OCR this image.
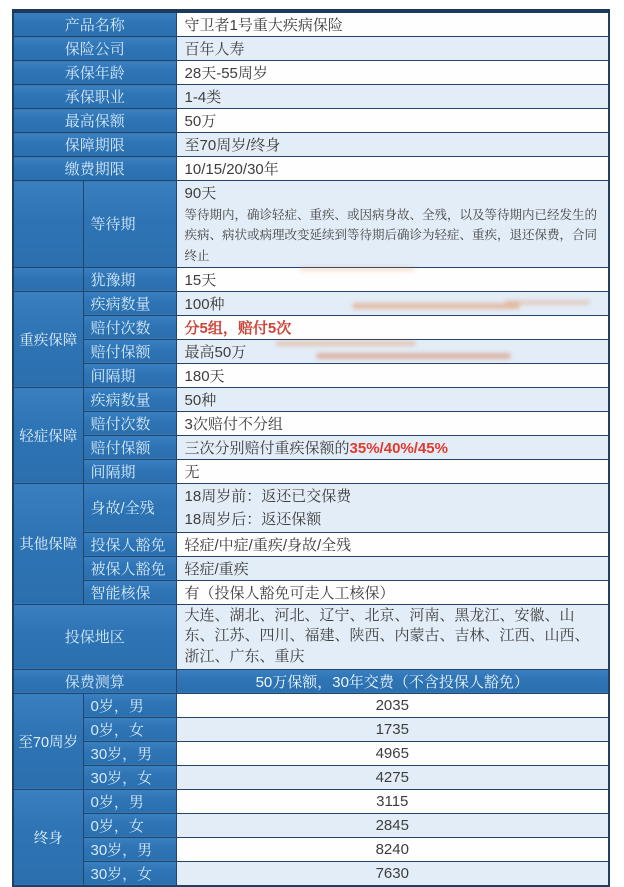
产品名称		守卫者1号重大疾病保险
保险公司		百年人寿
承保年龄		28天-55周岁
承保职业		1-4类
最高保额		50万
保障期限		至70周岁/终身
缴费期限		10/15/20/30年
	等待期	90天
等待期内，确诊轻症、重疾、或因病身故、全残，以及等待期内已经发生的疾病、病状或病理改变延续到等待期后确诊为轻症、重疾，退还保费，合同终止

	犹豫期	15天
重疾保障	疾病数量	100种
	赔付次数	分5组，赔付5次
	赔付保额	最高50万
	间隔期	180天
轻症保障	疾病数量	50种
	赔付次数	3次赔付不分组
	赔付保额	三次分别赔付重疾保额的35%/40%/45%
	间隔期	无
其他保障	身故/全残	18周岁前：返还已交保费
18周岁后：返还保额

	投保人豁免	轻症/中症/重疾/身故/全残
	被保人豁免	轻症/重疾
	智能核保	有（投保人豁免可走人工核保）
投保地区		大连、湖北、河北、辽宁、北京、河南、黑龙江、安徽、山东、江苏、四川、福建、陕西、内蒙古、吉林、江西、山西、浙江、广东、重庆
保费测算		50万保额，30年交费（不含投保人豁免）
至70周岁	0岁，男	2035
	0岁，女	1735
	30岁，男	4965
	30岁，女	4275
终身	0岁，男	3115
	0岁，女	2845
	30岁，男	8240
	30岁，女	7630
